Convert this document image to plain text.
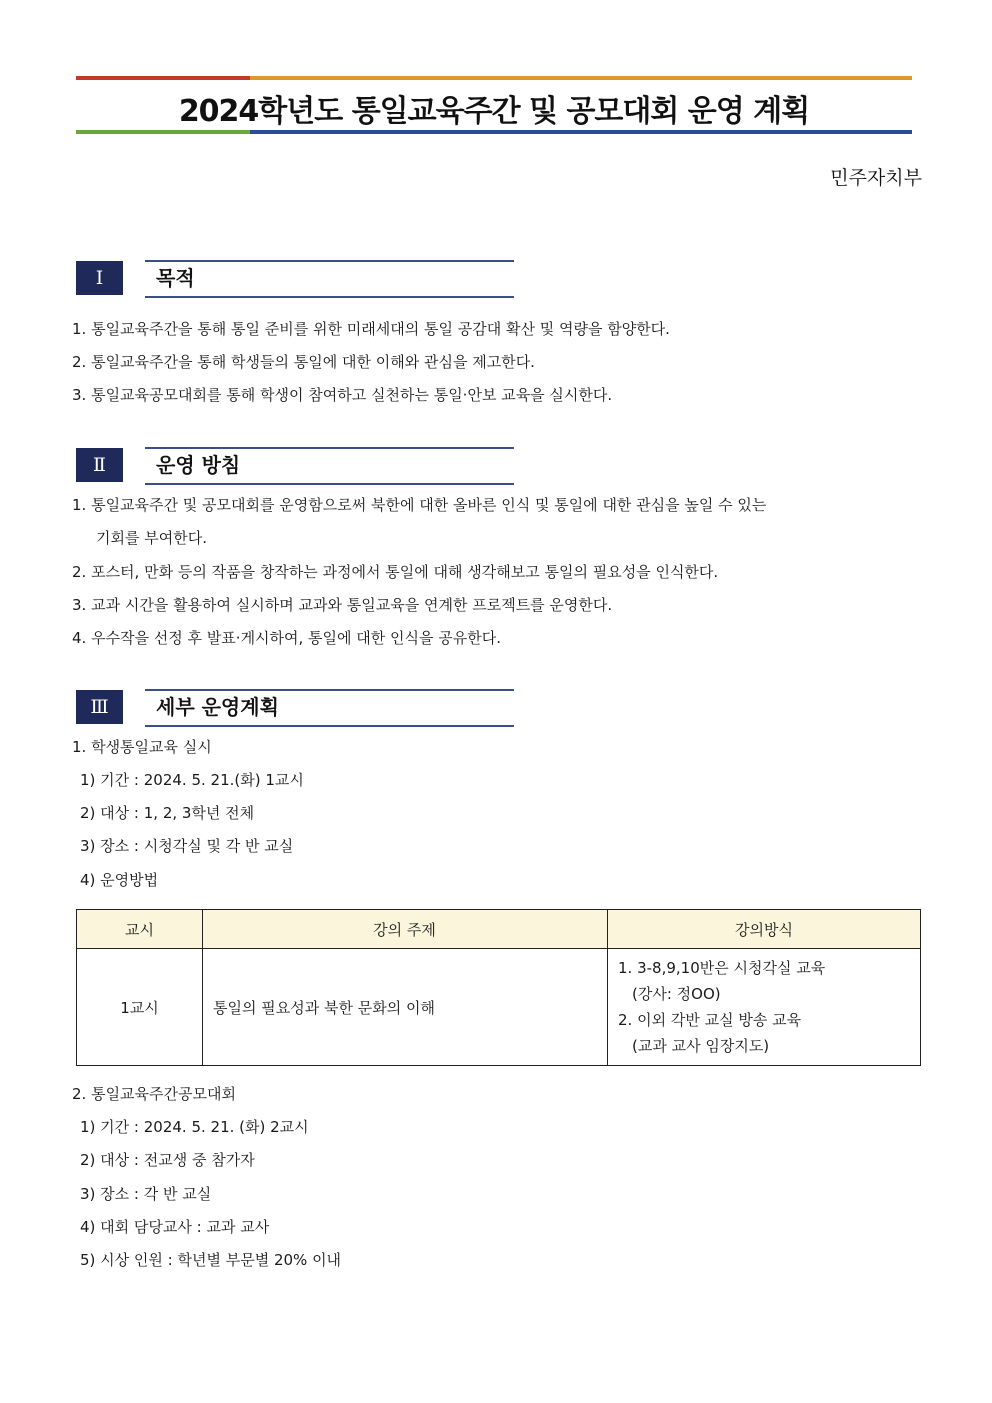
2024학년도 통일교육주간 및 공모대회 운영 계획
민주자치부
Ⅰ	목적
1. 통일교육주간을 통해 통일 준비를 위한 미래세대의 통일 공감대 확산 및 역량을 함양한다.
2. 통일교육주간을 통해 학생들의 통일에 대한 이해와 관심을 제고한다.
3. 통일교육공모대회를 통해 학생이 참여하고 실천하는 통일·안보 교육을 실시한다.
Ⅱ	운영 방침
1. 통일교육주간 및 공모대회를 운영함으로써 북한에 대한 올바른 인식 및 통일에 대한 관심을 높일 수 있는
기회를 부여한다.
2. 포스터, 만화 등의 작품을 창작하는 과정에서 통일에 대해 생각해보고 통일의 필요성을 인식한다.
3. 교과 시간을 활용하여 실시하며 교과와 통일교육을 연계한 프로젝트를 운영한다.
4. 우수작을 선정 후 발표·게시하여, 통일에 대한 인식을 공유한다.
Ⅲ	세부 운영계획
1. 학생통일교육 실시
1) 기간 : 2024. 5. 21.(화) 1교시
2) 대상 : 1, 2, 3학년 전체
3) 장소 : 시청각실 및 각 반 교실
4) 운영방법
교시	강의 주제	강의방식
1교시	통일의 필요성과 북한 문화의 이해	1. 3-8,9,10반은 시청각실 교육
(강사: 정OO)
2. 이외 각반 교실 방송 교육
(교과 교사 임장지도)
2. 통일교육주간공모대회
1) 기간 : 2024. 5. 21. (화) 2교시
2) 대상 : 전교생 중 참가자
3) 장소 : 각 반 교실
4) 대회 담당교사 : 교과 교사
5) 시상 인원 : 학년별 부문별 20% 이내
